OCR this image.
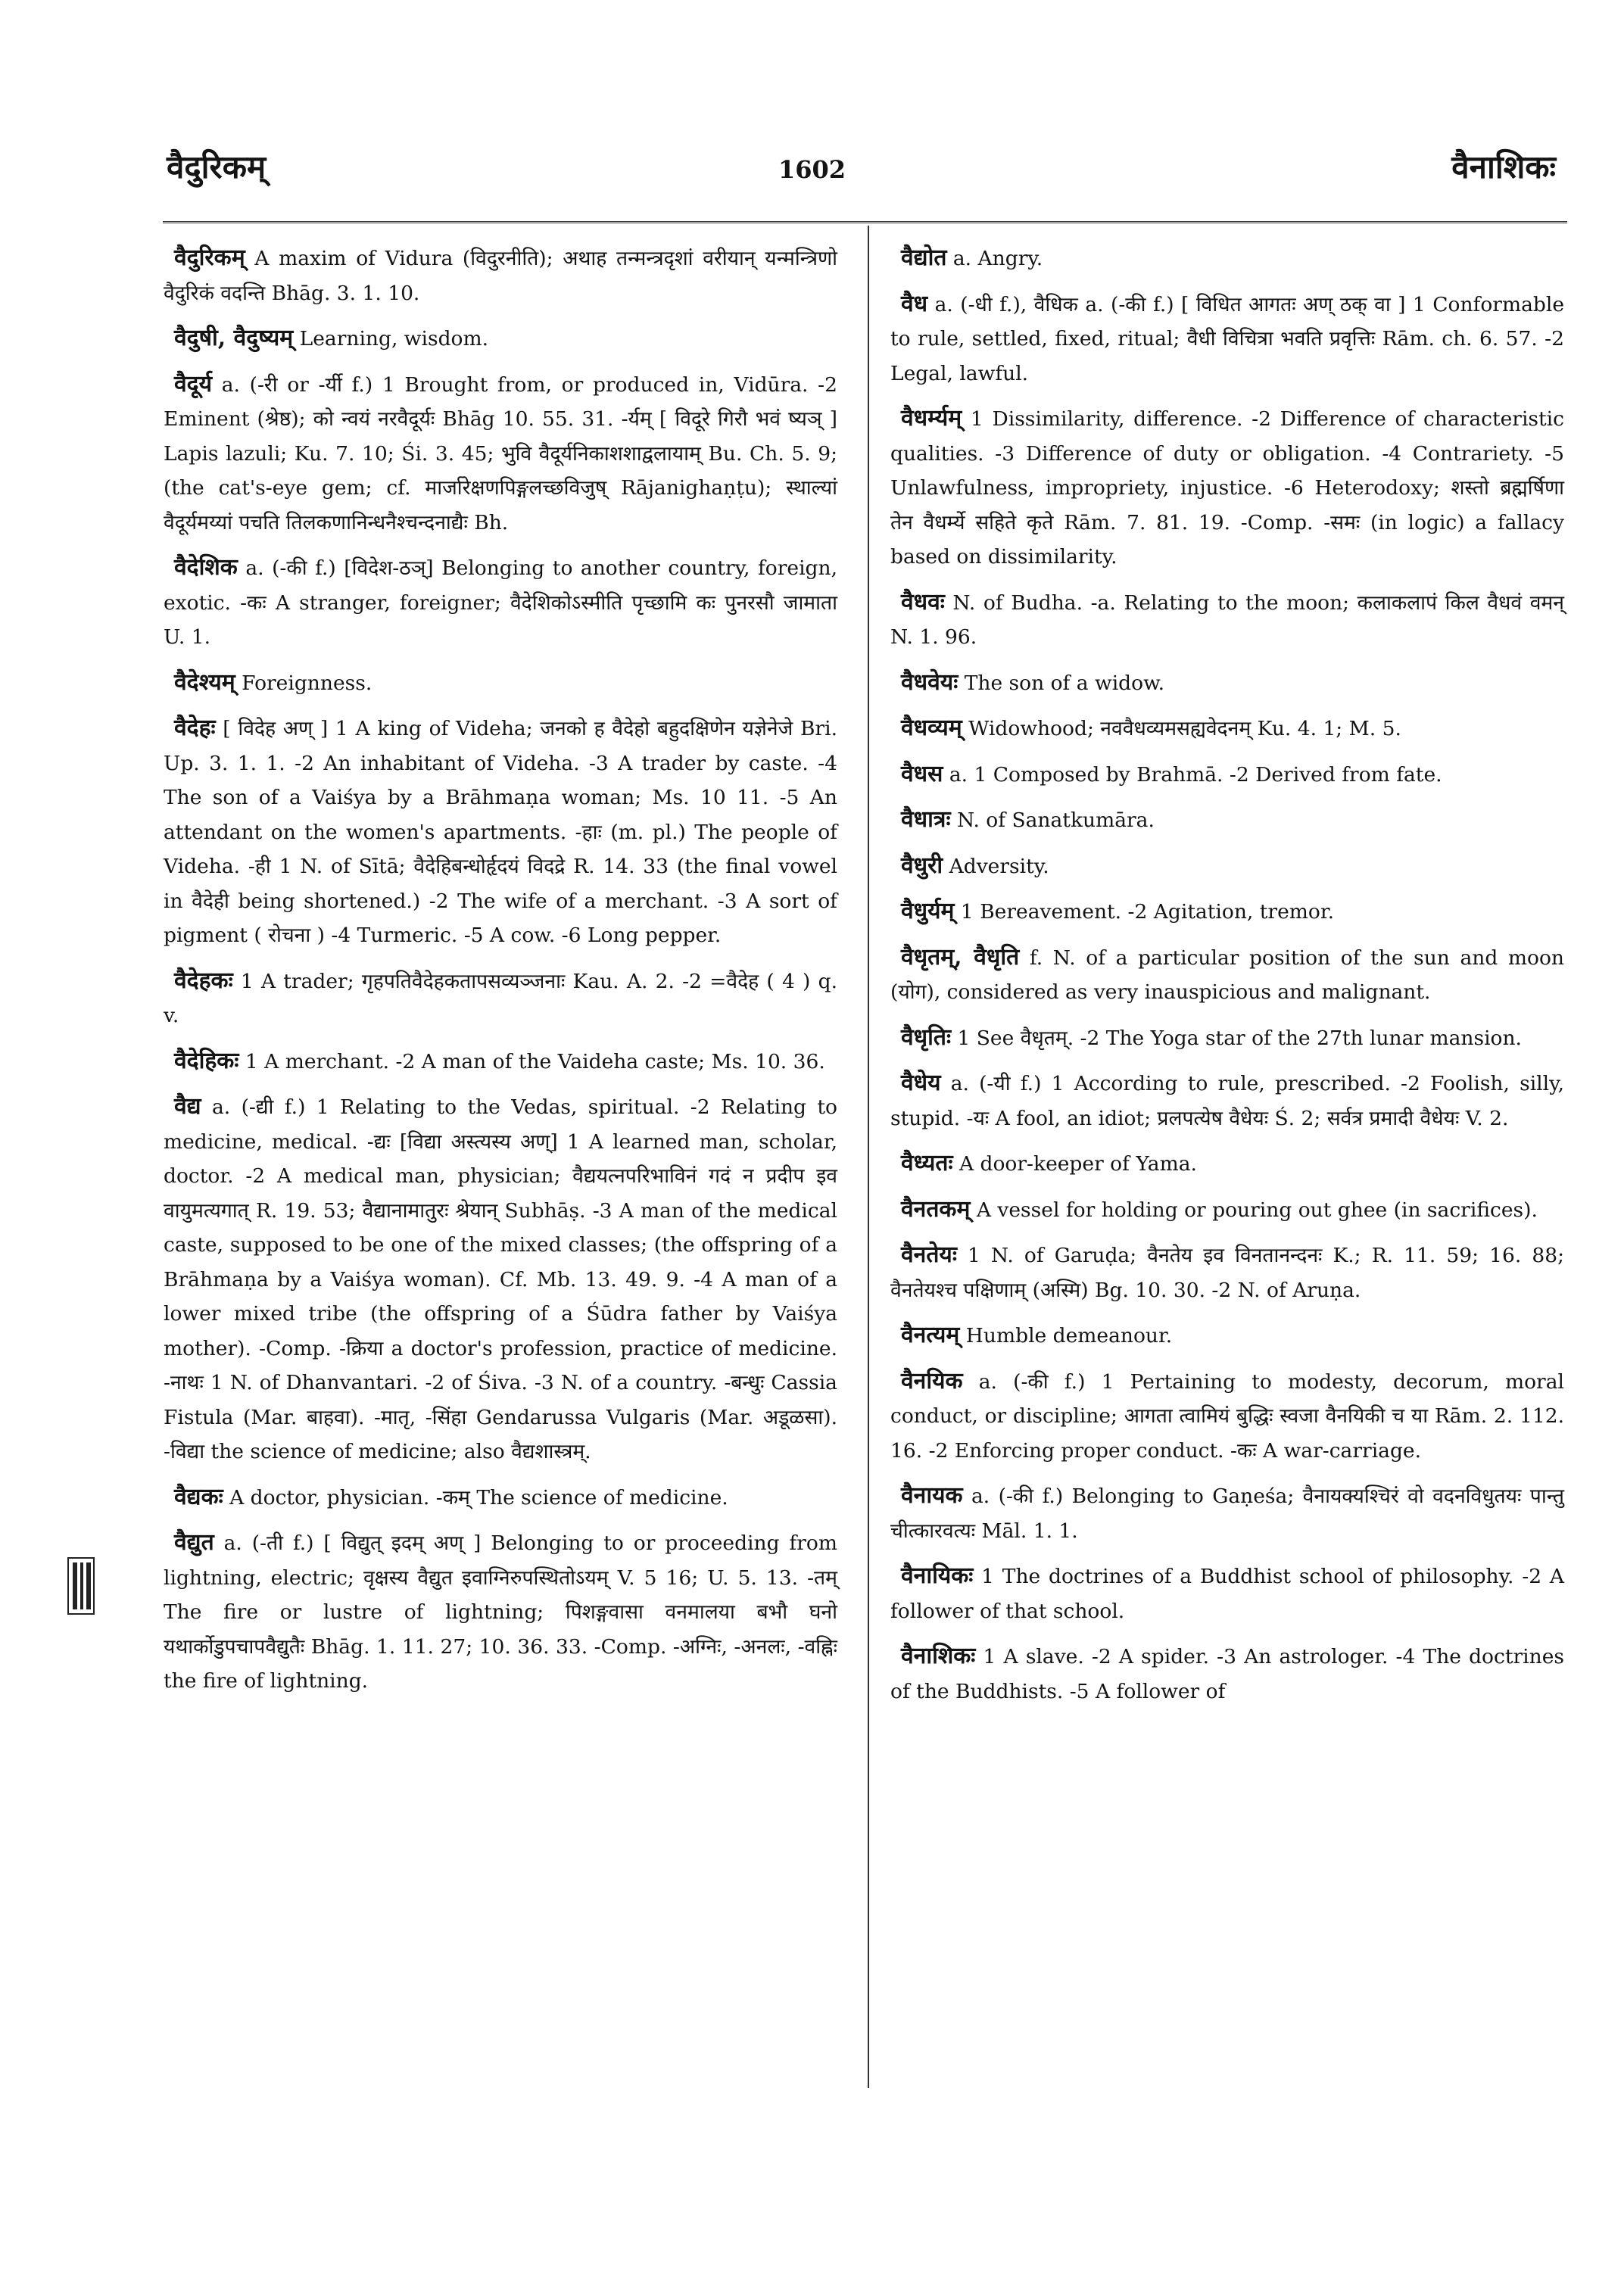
वैदुरिकम्	1602	वैनाशिकः

वैदुरिकम् A maxim of Vidura (विदुरनीति); अथाह तन्मन्त्रदृशां वरीयान् यन्मन्त्रिणो वैदुरिकं वदन्ति Bhāg. 3. 1. 10.

वैदुषी, वैदुष्यम् Learning, wisdom.

वैदूर्य a. (-री or -र्यी f.) 1 Brought from, or produced in, Vidūra. -2 Eminent (श्रेष्ठ); को न्वयं नरवैदूर्यः Bhāg 10. 55. 31. -र्यम् [ विदूरे गिरौ भवं ष्यञ् ] Lapis lazuli; Ku. 7. 10; Śi. 3. 45; भुवि वैदूर्यनिकाशशाद्वलायाम् Bu. Ch. 5. 9; (the cat's-eye gem; cf. मार्जारेक्षणपिङ्गलच्छविजुष् Rājanighaṇṭu); स्थाल्यां वैदूर्यमय्यां पचति तिलकणानिन्धनैश्चन्दनाद्यैः Bh.

वैदेशिक a. (-की f.) [विदेश-ठञ्] Belonging to another country, foreign, exotic. -कः A stranger, foreigner; वैदेशिकोऽस्मीति पृच्छामि कः पुनरसौ जामाता U. 1.

वैदेश्यम् Foreignness.

वैदेहः [ विदेह अण् ] 1 A king of Videha; जनको ह वैदेहो बहुदक्षिणेन यज्ञेनेजे Bri. Up. 3. 1. 1. -2 An inhabitant of Videha. -3 A trader by caste. -4 The son of a Vaiśya by a Brāhmaṇa woman; Ms. 10 11. -5 An attendant on the women's apartments. -हाः (m. pl.) The people of Videha. -ही 1 N. of Sītā; वैदेहिबन्धोर्हृदयं विदद्रे R. 14. 33 (the final vowel in वैदेही being shortened.) -2 The wife of a merchant. -3 A sort of pigment ( रोचना ) -4 Turmeric. -5 A cow. -6 Long pepper.

वैदेहकः 1 A trader; गृहपतिवैदेहकतापसव्यञ्जनाः Kau. A. 2. -2 =वैदेह ( 4 ) q. v.

वैदेहिकः 1 A merchant. -2 A man of the Vaideha caste; Ms. 10. 36.

वैद्य a. (-द्यी f.) 1 Relating to the Vedas, spiritual. -2 Relating to medicine, medical. -द्यः [विद्या अस्त्यस्य अण्] 1 A learned man, scholar, doctor. -2 A medical man, physician; वैद्ययत्नपरिभाविनं गदं न प्रदीप इव वायुमत्यगात् R. 19. 53; वैद्यानामातुरः श्रेयान् Subhāṣ. -3 A man of the medical caste, supposed to be one of the mixed classes; (the offspring of a Brāhmaṇa by a Vaiśya woman). Cf. Mb. 13. 49. 9. -4 A man of a lower mixed tribe (the offspring of a Śūdra father by Vaiśya mother). -Comp. -क्रिया a doctor's profession, practice of medicine. -नाथः 1 N. of Dhanvantari. -2 of Śiva. -3 N. of a country. -बन्धुः Cassia Fistula (Mar. बाहवा). -मातृ, -सिंहा Gendarussa Vulgaris (Mar. अडूळसा). -विद्या the science of medicine; also वैद्यशास्त्रम्.

वैद्यकः A doctor, physician. -कम् The science of medicine.

वैद्युत a. (-ती f.) [ विद्युत् इदम् अण् ] Belonging to or proceeding from lightning, electric; वृक्षस्य वैद्युत इवाग्निरुपस्थितोऽयम् V. 5 16; U. 5. 13. -तम् The fire or lustre of lightning; पिशङ्गवासा वनमालया बभौ घनो यथार्कोडुपचापवैद्युतैः Bhāg. 1. 11. 27; 10. 36. 33. -Comp. -अग्निः, -अनलः, -वह्निः the fire of lightning.

वैद्योत a. Angry.

वैध a. (-धी f.), वैधिक a. (-की f.) [ विधित आगतः अण् ठक् वा ] 1 Conformable to rule, settled, fixed, ritual; वैधी विचित्रा भवति प्रवृत्तिः Rām. ch. 6. 57. -2 Legal, lawful.

वैधर्म्यम् 1 Dissimilarity, difference. -2 Difference of characteristic qualities. -3 Difference of duty or obligation. -4 Contrariety. -5 Unlawfulness, impropriety, injustice. -6 Heterodoxy; शस्तो ब्रह्मर्षिणा तेन वैधर्म्ये सहिते कृते Rām. 7. 81. 19. -Comp. -समः (in logic) a fallacy based on dissimilarity.

वैधवः N. of Budha. -a. Relating to the moon; कलाकलापं किल वैधवं वमन् N. 1. 96.

वैधवेयः The son of a widow.

वैधव्यम् Widowhood; नववैधव्यमसह्यवेदनम् Ku. 4. 1; M. 5.

वैधस a. 1 Composed by Brahmā. -2 Derived from fate.

वैधात्रः N. of Sanatkumāra.

वैधुरी Adversity.

वैधुर्यम् 1 Bereavement. -2 Agitation, tremor.

वैधृतम्, वैधृति f. N. of a particular position of the sun and moon (योग), considered as very inauspicious and malignant.

वैधृतिः 1 See वैधृतम्. -2 The Yoga star of the 27th lunar mansion.

वैधेय a. (-यी f.) 1 According to rule, prescribed. -2 Foolish, silly, stupid. -यः A fool, an idiot; प्रलपत्येष वैधेयः Ś. 2; सर्वत्र प्रमादी वैधेयः V. 2.

वैध्यतः A door-keeper of Yama.

वैनतकम् A vessel for holding or pouring out ghee (in sacrifices).

वैनतेयः 1 N. of Garuḍa; वैनतेय इव विनतानन्दनः K.; R. 11. 59; 16. 88; वैनतेयश्च पक्षिणाम् (अस्मि) Bg. 10. 30. -2 N. of Aruṇa.

वैनत्यम् Humble demeanour.

वैनयिक a. (-की f.) 1 Pertaining to modesty, decorum, moral conduct, or discipline; आगता त्वामियं बुद्धिः स्वजा वैनयिकी च या Rām. 2. 112. 16. -2 Enforcing proper conduct. -कः A war-carriage.

वैनायक a. (-की f.) Belonging to Gaṇeśa; वैनायक्यश्चिरं वो वदनविधुतयः पान्तु चीत्कारवत्यः Māl. 1. 1.

वैनायिकः 1 The doctrines of a Buddhist school of philosophy. -2 A follower of that school.

वैनाशिकः 1 A slave. -2 A spider. -3 An astrologer. -4 The doctrines of the Buddhists. -5 A follower of
